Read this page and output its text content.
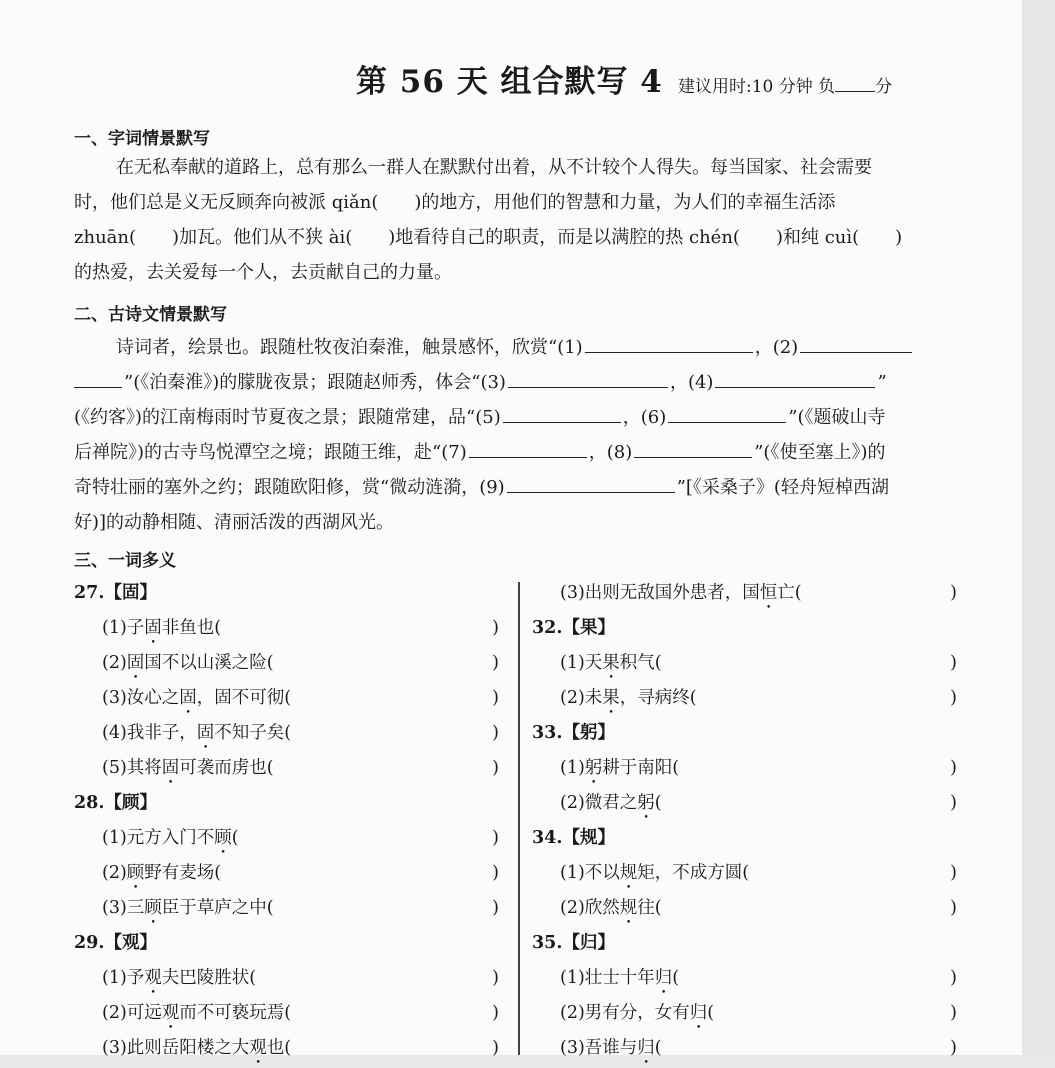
第 56 天 组合默写 4 建议用时:10 分钟 负 分
一、字词情景默写

在无私奉献的道路上，总有那么一群人在默默付出着，从不计较个人得失。每当国家、社会需要

时，他们总是义无反顾奔向被派 qiǎn(　　)的地方，用他们的智慧和力量，为人们的幸福生活添

zhuān(　　)加瓦。他们从不狭 ài(　　)地看待自己的职责，而是以满腔的热 chén(　　)和纯 cuì(　　)

的热爱，去关爱每一个人，去贡献自己的力量。

二、古诗文情景默写

诗词者，绘景也。跟随杜牧夜泊秦淮，触景感怀，欣赏“(1)	，(2)

”(《泊秦淮》)的朦胧夜景；跟随赵师秀，体会“(3)	，(4)	”

(《约客》)的江南梅雨时节夏夜之景；跟随常建，品“(5)	，(6)	”(《题破山寺

后禅院》)的古寺鸟悦潭空之境；跟随王维，赴“(7)	，(8)	”(《使至塞上》)的

奇特壮丽的塞外之约；跟随欧阳修，赏“微动涟漪，(9)	”[《采桑子》(轻舟短棹西湖

好)]的动静相随、清丽活泼的西湖风光。

三、一词多义
27.【固】
(1)子固非鱼也(	)
(2)固国不以山溪之险(	)
(3)汝心之固，固不可彻(	)
(4)我非子，固不知子矣(	)
(5)其将固可袭而虏也(	)
28.【顾】
(1)元方入门不顾(	)
(2)顾野有麦场(	)
(3)三顾臣于草庐之中(	)
29.【观】
(1)予观夫巴陵胜状(	)
(2)可远观而不可亵玩焉(	)
(3)此则岳阳楼之大观也(	)
(3)出则无敌国外患者，国恒亡(	)
32.【果】
(1)天果积气(	)
(2)未果，寻病终(	)
33.【躬】
(1)躬耕于南阳(	)
(2)微君之躬(	)
34.【规】
(1)不以规矩，不成方圆(	)
(2)欣然规往(	)
35.【归】
(1)壮士十年归(	)
(2)男有分，女有归(	)
(3)吾谁与归(	)
